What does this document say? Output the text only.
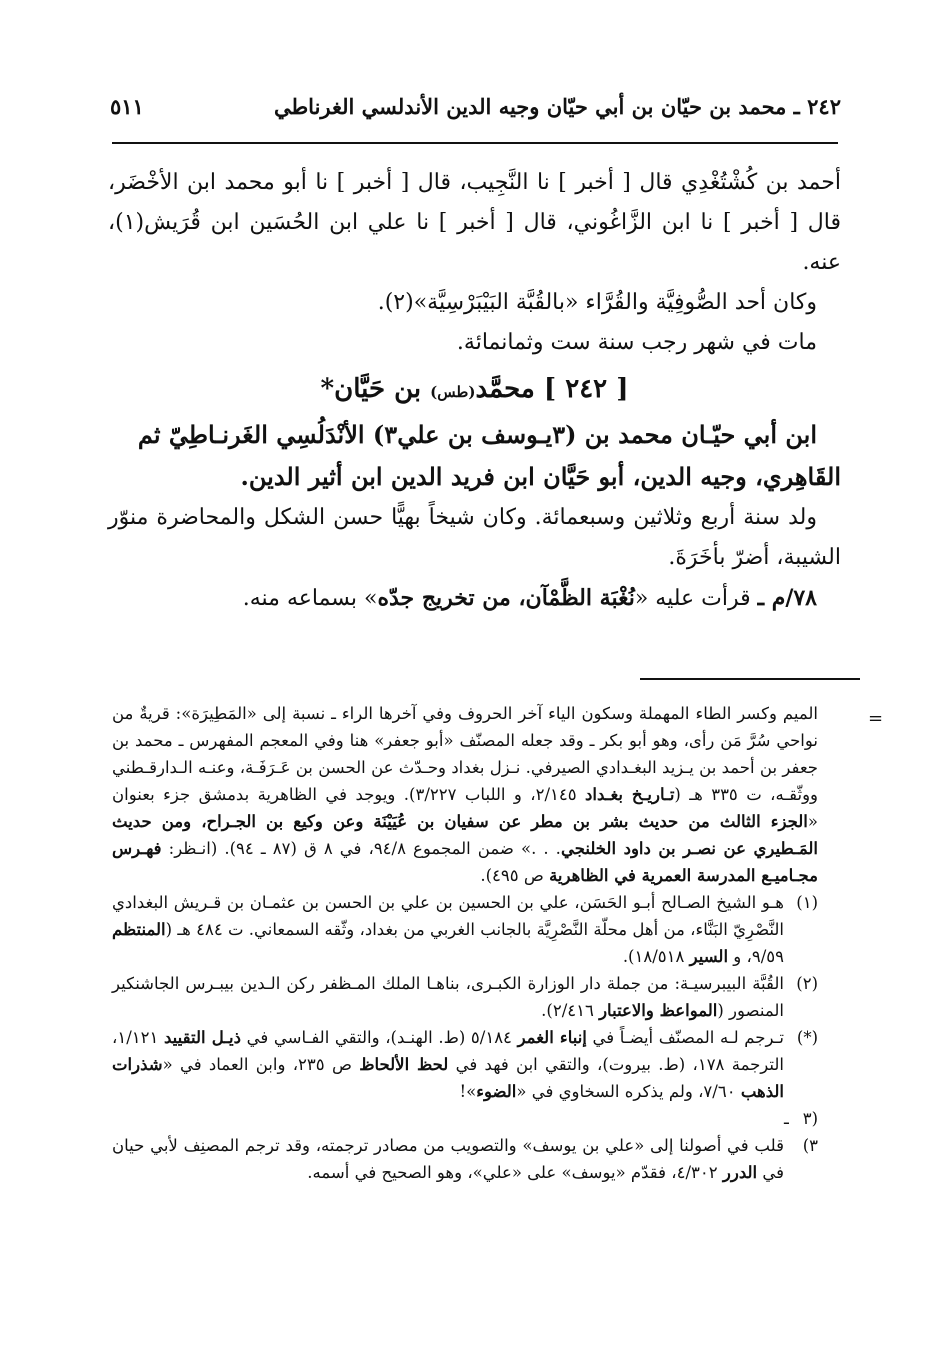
٢٤٢ ـ محمد بن حيّان بن أبي حيّان وجيه الدين الأندلسي الغرناطي
٥١١

أحمد بن كُشْتُغْدِي قال [ أخبر ] نا النَّجِيب، قال [ أخبر ] نا أبو محمد ابن الأخْضَر، قال [ أخبر ] نا ابن الزَّاغُوني، قال [ أخبر ] نا علي ابن الحُسَين ابن قُرَيش(١)، عنه.

وكان أحد الصُّوفِيَّة والقُرَّاء «بالقُبَّة البَيْبَرْسِيَّة»(٢).

مات في شهر رجب سنة ست وثمانمائة.

[ ٢٤٢ ] محمَّد(طس) بن حَيَّان*

ابن أبي حيّـان محمد بن (٣يـوسف بن علي٣) الأنْدَلُسِي الغَرنـاطِيّ ثم

القَاهِري، وجيه الدين، أبو حَيَّان ابن فريد الدين ابن أثير الدين.

ولد سنة أربع وثلاثين وسبعمائة. وكان شيخاً بهيًّا حسن الشكل والمحاضرة منوّر الشيبة، أضرّ بأخَرَةَ.

٧٨/م ـ قرأت عليه «نُغْبَة الظَّمْآن، من تخريج جدّه» بسماعه منه.

=

الميم وكسر الطاء المهملة وسكون الياء آخر الحروف وفي آخرها الراء ـ نسبة إلى «المَطِيرَة»: قريةٌ من نواحي سُرَّ مَن رأى، وهو أبو بكر ـ وقد جعله المصنّف «أبو جعفر» هنا وفي المعجم المفهرس ـ محمد بن جعفر بن أحمد بن يـزيد البغـدادي الصيرفي. نـزل بغداد وحـدّث عن الحسن بن عَـرَفَـة، وعنـه الـدارقـطني ووثّقـه، ت ٣٣٥ هـ (تـاريـخ بغـداد ٢/١٤٥، و اللباب ٣/٢٢٧). ويوجد في الظاهرية بدمشق جزء بعنوان «الجزء الثالث من حديث بشر بن مطر عن سفيان بن عُيَيْنَة وعن وكيع بن الجـراح، ومن حديث المَـطيري عن نصـر بن داود الخلنجي. . .» ضمن المجموع ٩٤/٨، في ٨ ق (٨٧ ـ ٩٤). (انـظر: فهـرس مجـاميـع المدرسة العمرية في الظاهرية ص ٤٩٥).

(١)هـو الشيخ الصـالح أبـو الحَسَن، علي بن الحسين بن علي بن الحسن بن عثمـان بن قـريش البغدادي النَّصْرِيّ البَنَّاء، من أهل محلّة النَّصْرِيَّة بالجانب الغربي من بغداد، وثّقه السمعاني. ت ٤٨٤ هـ (المنتظم ٩/٥٩، و السير ١٨/٥١٨).

(٢)القُبَّة البيبرسيـة: من جملة دار الوزارة الكبـرى، بناهـا الملك المـظفر ركن الـدين بيبـرس الجاشنكير المنصور (المواعظ والاعتبار ٢/٤١٦).

(*)تـرجم لـه المصنّف أيضـاً في إنباء الغمر ٥/١٨٤ (ط. الهنـد)، والتقي الفـاسي في ذيـل التقييد ١/١٢١، الترجمة ١٧٨، (ط. بيروت)، والتقي ابن فهد في لحظ الألحاظ ص ٢٣٥، وابن العماد في «شذرات الذهب ٧/٦٠، ولم يذكره السخاوي في «الضوء»!

(٣ ـ ٣)قلب في أصولنا إلى «علي بن يوسف» والتصويب من مصادر ترجمته، وقد ترجم المصنِف لأبي حيان في الدرر ٤/٣٠٢، فقدّم «يوسف» على «علي»، وهو الصحيح في أسمه.
